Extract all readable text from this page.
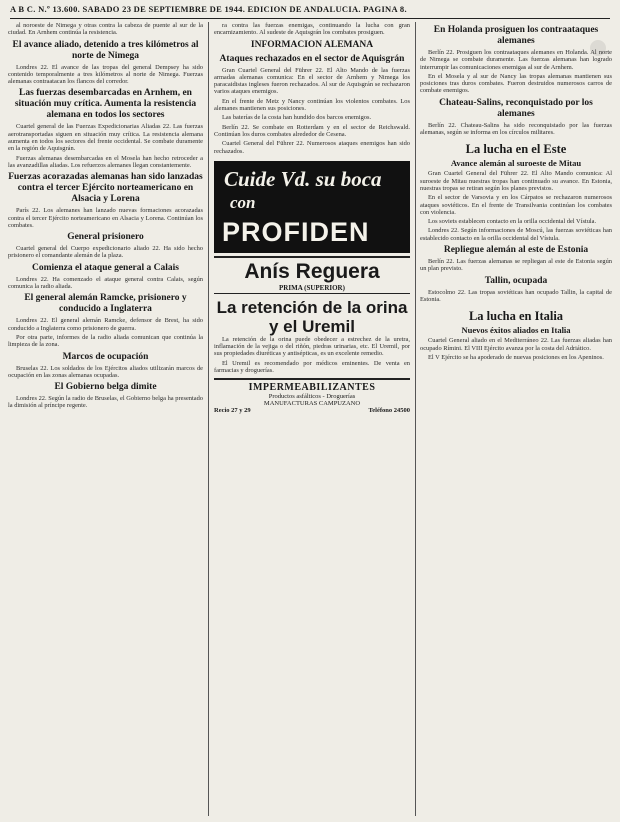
A B C. N.º 13.600. SABADO 23 DE SEPTIEMBRE DE 1944. EDICION DE ANDALUCIA. PAGINA 8.
al noroeste de Nimega y otras contra la cabeza de puente al sur de la ciudad. En Arnhem continúa la resistencia.
El avance aliado, detenido a tres kilómetros al norte de Nimega
Londres 22. El avance de las tropas del general Dempsey ha sido contenido temporalmente a tres kilómetros al norte de Nimega. Fuerzas alemanas contraatacan los flancos del corredor.
Las fuerzas desembarcadas en Arnhem, en situación muy crítica. Aumenta la resistencia alemana en todos los sectores
Cuartel general de las Fuerzas Expedicionarias Aliadas 22. Las fuerzas aerotransportadas siguen en situación muy crítica. La resistencia alemana aumenta en todos los sectores del frente occidental. Se combate duramente en la región de Aquisgrán.
Fuerzas alemanas desembarcadas en el Mosela han hecho retroceder a las avanzadillas aliadas. Los refuerzos alemanes llegan constantemente.
Fuerzas acorazadas alemanas han sido lanzadas contra el tercer Ejército norteamericano en Alsacia y Lorena
París 22. Los alemanes han lanzado nuevas formaciones acorazadas contra el tercer Ejército norteamericano en Alsacia y Lorena. Continúan los combates.
General prisionero
Cuartel general del Cuerpo expedicionario aliado 22. Ha sido hecho prisionero el comandante alemán de la plaza.
Comienza el ataque general a Calais
Londres 22. Ha comenzado el ataque general contra Calais, según comunica la radio aliada.
El general alemán Ramcke, prisionero y conducido a Inglaterra
Londres 22. El general alemán Ramcke, defensor de Brest, ha sido conducido a Inglaterra como prisionero de guerra.
Por otra parte, informes de la radio aliada comunican que continúa la limpieza de la zona.
Marcos de ocupación
Bruselas 22. Los soldados de los Ejércitos aliados utilizarán marcos de ocupación en las zonas alemanas ocupadas.
El Gobierno belga dimite
Londres 22. Según la radio de Bruselas, el Gobierno belga ha presentado la dimisión al príncipe regente.
ra contra las fuerzas enemigas, continuando la lucha con gran encarnizamiento. Al sudeste de Aquisgrán los combates prosiguen.
INFORMACION ALEMANA
Ataques rechazados en el sector de Aquisgrán
Gran Cuartel General del Führer 22. El Alto Mando de las fuerzas armadas alemanas comunica: En el sector de Arnhem y Nimega los paracaidistas ingleses fueron rechazados. Al sur de Aquisgrán se rechazaron varios ataques enemigos.
En el frente de Metz y Nancy continúan los violentos combates. Los alemanes mantienen sus posiciones.
Las baterías de la costa han hundido dos barcos enemigos.
Berlín 22. Se combate en Rotterdam y en el sector de Reichswald. Continúan los duros combates alrededor de Cesena.
Cuartel General del Führer 22. Numerosos ataques enemigos han sido rechazados.
Cuide Vd. su boca
con
PROFIDEN
Anís Reguera
PRIMA (SUPERIOR)
La retención de la orina y el Uremil
La retención de la orina puede obedecer a estrechez de la uretra, inflamación de la vejiga o del riñón, piedras urinarias, etc. El Uremil, por sus propiedades diuréticas y antisépticas, es un excelente remedio.
El Uremil es recomendado por médicos eminentes. De venta en farmacias y droguerías.
IMPERMEABILIZANTES
Productos asfálticos - Droguerías
MANUFACTURAS CAMPUZANO
Recio 27 y 29	Teléfono 24500
En Holanda prosiguen los contraataques alemanes
Berlín 22. Prosiguen los contraataques alemanes en Holanda. Al norte de Nimega se combate duramente. Las fuerzas alemanas han logrado interrumpir las comunicaciones enemigas al sur de Arnhem.
En el Mosela y al sur de Nancy las tropas alemanas mantienen sus posiciones tras duros combates. Fueron destruidos numerosos carros de combate enemigos.
Chateau-Salins, reconquistado por los alemanes
Berlín 22. Chateau-Salins ha sido reconquistado por las fuerzas alemanas, según se informa en los círculos militares.
La lucha en el Este
Avance alemán al suroeste de Mitau
Gran Cuartel General del Führer 22. El Alto Mando comunica: Al suroeste de Mitau nuestras tropas han continuado su avance. En Estonia, nuestras tropas se retiran según los planes previstos.
En el sector de Varsovia y en los Cárpatos se rechazaron numerosos ataques soviéticos. En el frente de Transilvania continúan los combates con violencia.
Los soviets establecen contacto en la orilla occidental del Vístula.
Londres 22. Según informaciones de Moscú, las fuerzas soviéticas han establecido contacto en la orilla occidental del Vístula.
Repliegue alemán al este de Estonia
Berlín 22. Las fuerzas alemanas se repliegan al este de Estonia según un plan previsto.
Tallin, ocupada
Estocolmo 22. Las tropas soviéticas han ocupado Tallin, la capital de Estonia.
La lucha en Italia
Nuevos éxitos aliados en Italia
Cuartel General aliado en el Mediterráneo 22. Las fuerzas aliadas han ocupado Rímini. El VIII Ejército avanza por la costa del Adriático.
El V Ejército se ha apoderado de nuevas posiciones en los Apeninos.
